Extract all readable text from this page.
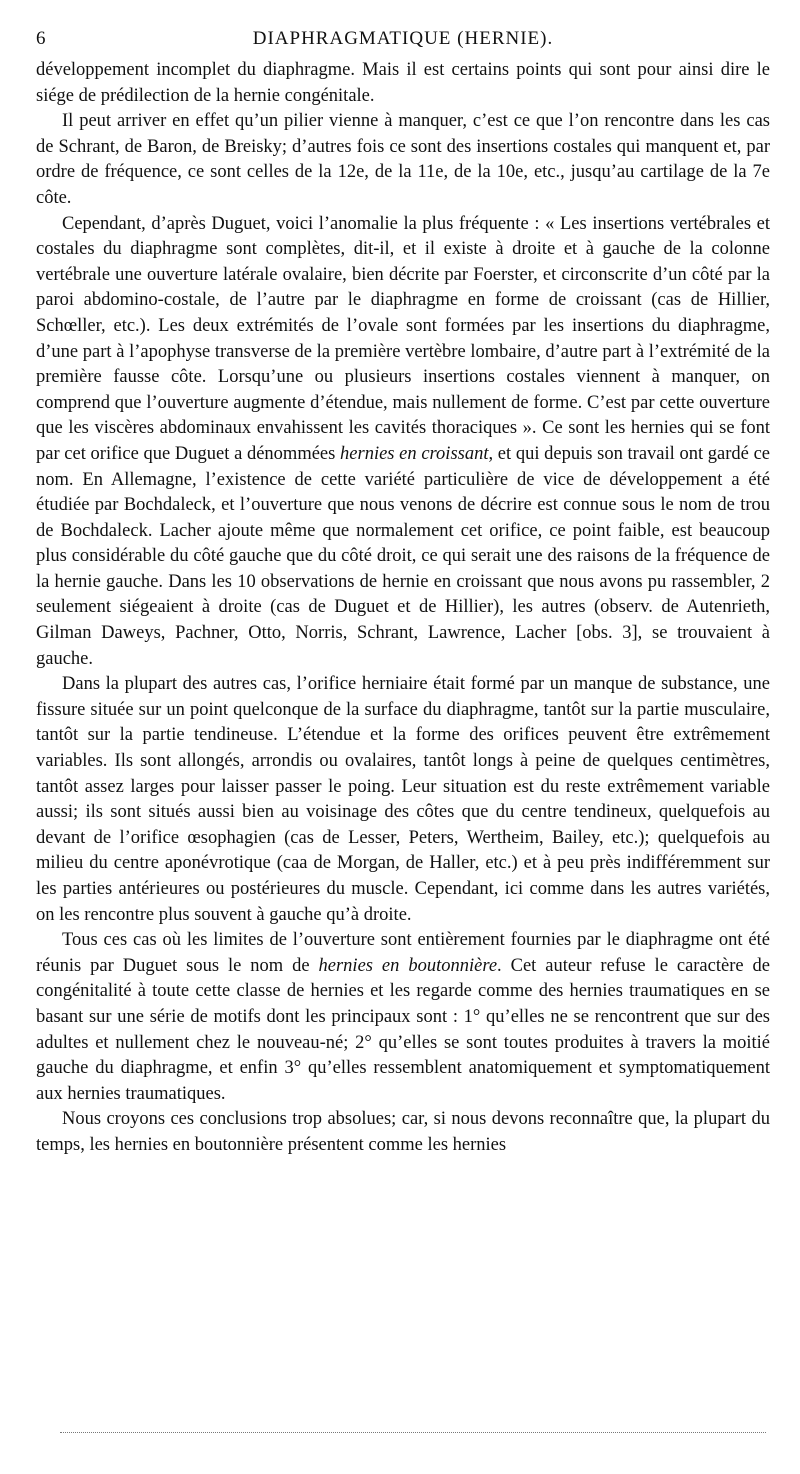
6	DIAPHRAGMATIQUE (HERNIE).

développement incomplet du diaphragme. Mais il est certains points qui sont pour ainsi dire le siége de prédilection de la hernie congénitale.

Il peut arriver en effet qu’un pilier vienne à manquer, c’est ce que l’on rencontre dans les cas de Schrant, de Baron, de Breisky; d’autres fois ce sont des insertions costales qui manquent et, par ordre de fréquence, ce sont celles de la 12e, de la 11e, de la 10e, etc., jusqu’au cartilage de la 7e côte.

Cependant, d’après Duguet, voici l’anomalie la plus fréquente : « Les insertions vertébrales et costales du diaphragme sont complètes, dit-il, et il existe à droite et à gauche de la colonne vertébrale une ouverture latérale ovalaire, bien décrite par Foerster, et circonscrite d’un côté par la paroi abdomino-costale, de l’autre par le diaphragme en forme de croissant (cas de Hillier, Schœller, etc.). Les deux extrémités de l’ovale sont formées par les insertions du diaphragme, d’une part à l’apophyse transverse de la première vertèbre lombaire, d’autre part à l’extrémité de la première fausse côte. Lorsqu’une ou plusieurs insertions costales viennent à manquer, on comprend que l’ouverture augmente d’étendue, mais nullement de forme. C’est par cette ouverture que les viscères abdominaux envahissent les cavités thoraciques ». Ce sont les hernies qui se font par cet orifice que Duguet a dénommées hernies en croissant, et qui depuis son travail ont gardé ce nom. En Allemagne, l’existence de cette variété particulière de vice de développement a été étudiée par Bochdaleck, et l’ouverture que nous venons de décrire est connue sous le nom de trou de Bochdaleck. Lacher ajoute même que normalement cet orifice, ce point faible, est beaucoup plus considérable du côté gauche que du côté droit, ce qui serait une des raisons de la fréquence de la hernie gauche. Dans les 10 observations de hernie en croissant que nous avons pu rassembler, 2 seulement siégeaient à droite (cas de Duguet et de Hillier), les autres (observ. de Autenrieth, Gilman Daweys, Pachner, Otto, Norris, Schrant, Lawrence, Lacher [obs. 3], se trouvaient à gauche.

Dans la plupart des autres cas, l’orifice herniaire était formé par un manque de substance, une fissure située sur un point quelconque de la surface du diaphragme, tantôt sur la partie musculaire, tantôt sur la partie tendineuse. L’étendue et la forme des orifices peuvent être extrêmement variables. Ils sont allongés, arrondis ou ovalaires, tantôt longs à peine de quelques centimètres, tantôt assez larges pour laisser passer le poing. Leur situation est du reste extrêmement variable aussi; ils sont situés aussi bien au voisinage des côtes que du centre tendineux, quelquefois au devant de l’orifice œsophagien (cas de Lesser, Peters, Wertheim, Bailey, etc.); quelquefois au milieu du centre aponévrotique (caa de Morgan, de Haller, etc.) et à peu près indifféremment sur les parties antérieures ou postérieures du muscle. Cependant, ici comme dans les autres variétés, on les rencontre plus souvent à gauche qu’à droite.

Tous ces cas où les limites de l’ouverture sont entièrement fournies par le diaphragme ont été réunis par Duguet sous le nom de hernies en boutonnière. Cet auteur refuse le caractère de congénitalité à toute cette classe de hernies et les regarde comme des hernies traumatiques en se basant sur une série de motifs dont les principaux sont : 1° qu’elles ne se rencontrent que sur des adultes et nullement chez le nouveau-né; 2° qu’elles se sont toutes produites à travers la moitié gauche du diaphragme, et enfin 3° qu’elles ressemblent anatomiquement et symptomatiquement aux hernies traumatiques.

Nous croyons ces conclusions trop absolues; car, si nous devons reconnaître que, la plupart du temps, les hernies en boutonnière présentent comme les hernies
